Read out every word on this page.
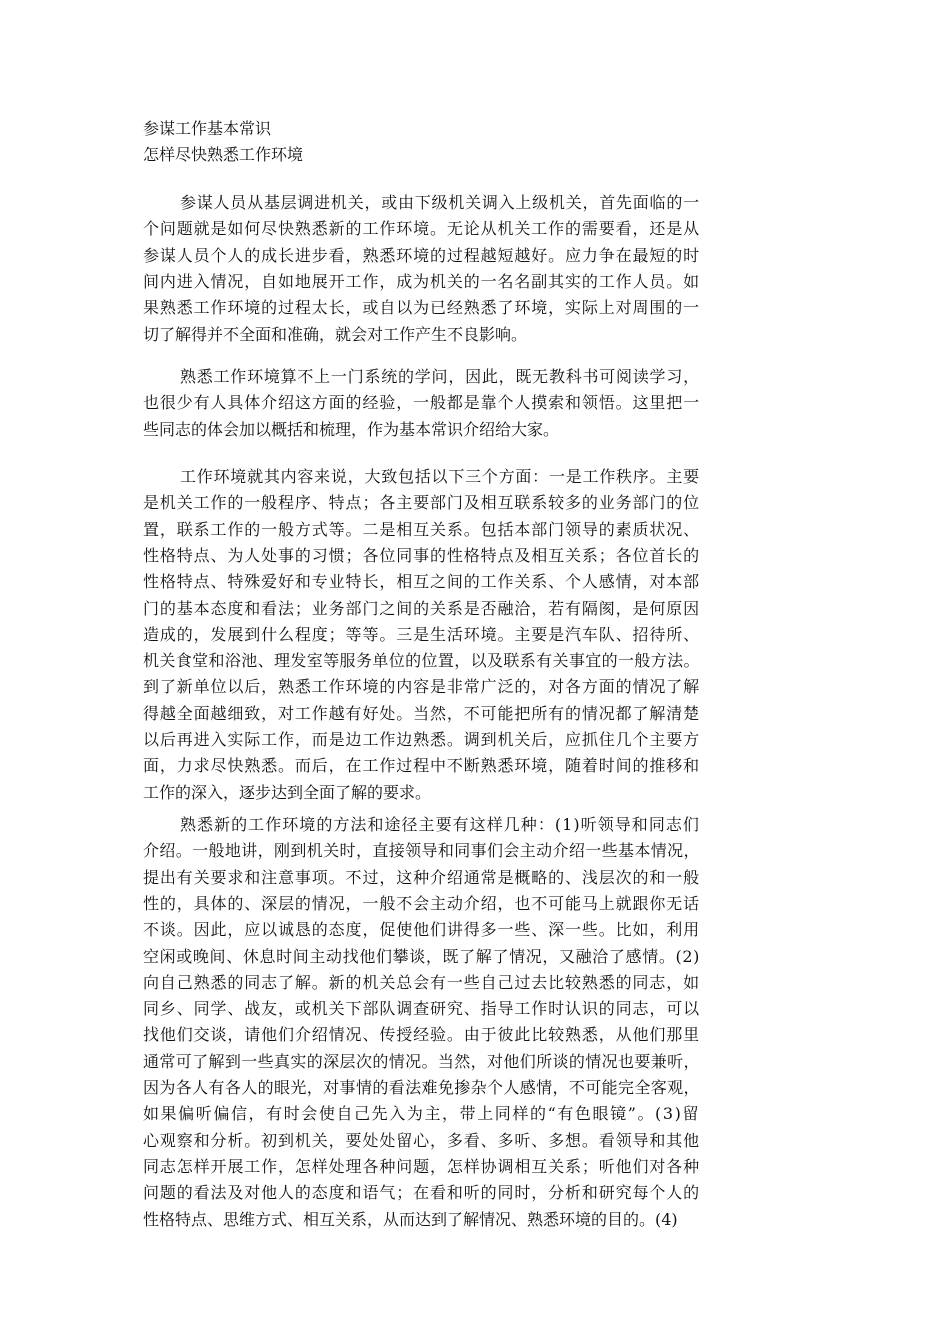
参谋工作基本常识
怎样尽快熟悉工作环境
参谋人员从基层调进机关，或由下级机关调入上级机关，首先面临的一
个问题就是如何尽快熟悉新的工作环境。无论从机关工作的需要看，还是从
参谋人员个人的成长进步看，熟悉环境的过程越短越好。应力争在最短的时
间内进入情况，自如地展开工作，成为机关的一名名副其实的工作人员。如
果熟悉工作环境的过程太长，或自以为已经熟悉了环境，实际上对周围的一
切了解得并不全面和准确，就会对工作产生不良影响。
熟悉工作环境算不上一门系统的学问，因此，既无教科书可阅读学习，
也很少有人具体介绍这方面的经验，一般都是靠个人摸索和领悟。这里把一
些同志的体会加以概括和梳理，作为基本常识介绍给大家。
工作环境就其内容来说，大致包括以下三个方面：一是工作秩序。主要
是机关工作的一般程序、特点；各主要部门及相互联系较多的业务部门的位
置，联系工作的一般方式等。二是相互关系。包括本部门领导的素质状况、
性格特点、为人处事的习惯；各位同事的性格特点及相互关系；各位首长的
性格特点、特殊爱好和专业特长，相互之间的工作关系、个人感情，对本部
门的基本态度和看法；业务部门之间的关系是否融洽，若有隔阂，是何原因
造成的，发展到什么程度；等等。三是生活环境。主要是汽车队、招待所、
机关食堂和浴池、理发室等服务单位的位置，以及联系有关事宜的一般方法。
到了新单位以后，熟悉工作环境的内容是非常广泛的，对各方面的情况了解
得越全面越细致，对工作越有好处。当然，不可能把所有的情况都了解清楚
以后再进入实际工作，而是边工作边熟悉。调到机关后，应抓住几个主要方
面，力求尽快熟悉。而后，在工作过程中不断熟悉环境，随着时间的推移和
工作的深入，逐步达到全面了解的要求。
熟悉新的工作环境的方法和途径主要有这样几种：(1)听领导和同志们
介绍。一般地讲，刚到机关时，直接领导和同事们会主动介绍一些基本情况，
提出有关要求和注意事项。不过，这种介绍通常是概略的、浅层次的和一般
性的，具体的、深层的情况，一般不会主动介绍，也不可能马上就跟你无话
不谈。因此，应以诚恳的态度，促使他们讲得多一些、深一些。比如，利用
空闲或晚间、休息时间主动找他们攀谈，既了解了情况，又融洽了感情。(2)
向自己熟悉的同志了解。新的机关总会有一些自己过去比较熟悉的同志，如
同乡、同学、战友，或机关下部队调查研究、指导工作时认识的同志，可以
找他们交谈，请他们介绍情况、传授经验。由于彼此比较熟悉，从他们那里
通常可了解到一些真实的深层次的情况。当然，对他们所谈的情况也要兼听，
因为各人有各人的眼光，对事情的看法难免掺杂个人感情，不可能完全客观，
如果偏听偏信，有时会使自己先入为主，带上同样的“有色眼镜”。(3)留
心观察和分析。初到机关，要处处留心，多看、多听、多想。看领导和其他
同志怎样开展工作，怎样处理各种问题，怎样协调相互关系；听他们对各种
问题的看法及对他人的态度和语气；在看和听的同时，分析和研究每个人的
性格特点、思维方式、相互关系，从而达到了解情况、熟悉环境的目的。(4)
